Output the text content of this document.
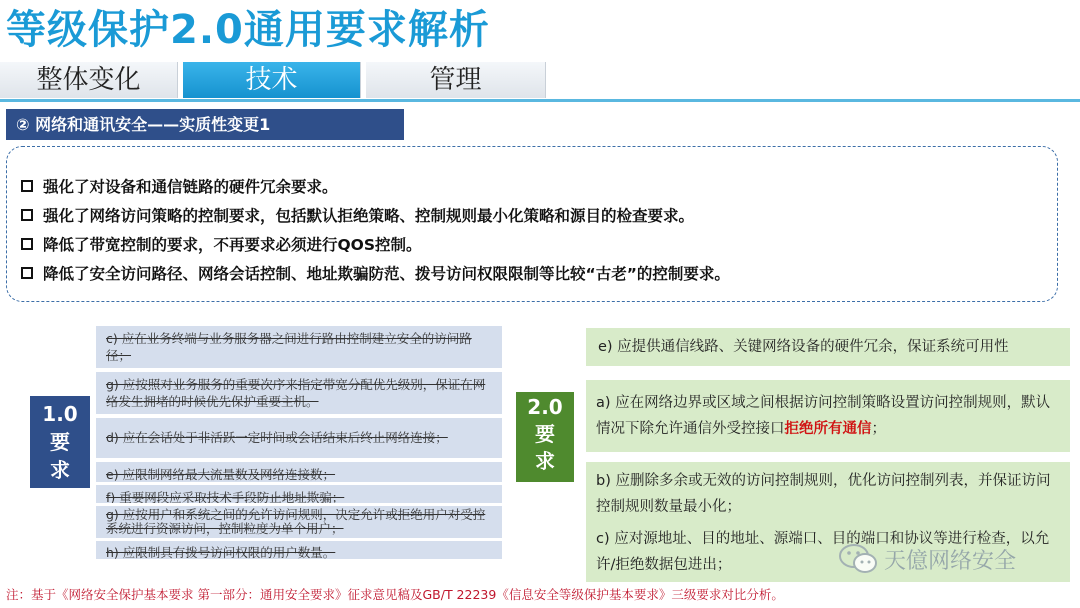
等级保护2.0通用要求解析
整体变化	技术	管理
② 网络和通讯安全——实质性变更1
强化了对设备和通信链路的硬件冗余要求。
强化了网络访问策略的控制要求，包括默认拒绝策略、控制规则最小化策略和源目的检查要求。
降低了带宽控制的要求，不再要求必须进行QOS控制。
降低了安全访问路径、网络会话控制、地址欺骗防范、拨号访问权限限制等比较“古老”的控制要求。
1.0
要
求
c) 应在业务终端与业务服务器之间进行路由控制建立安全的访问路径；
g) 应按照对业务服务的重要次序来指定带宽分配优先级别，保证在网络发生拥堵的时候优先保护重要主机。
d) 应在会话处于非活跃一定时间或会话结束后终止网络连接；
e) 应限制网络最大流量数及网络连接数；
f) 重要网段应采取技术手段防止地址欺骗；
g) 应按用户和系统之间的允许访问规则，决定允许或拒绝用户对受控系统进行资源访问，控制粒度为单个用户；
h) 应限制具有拨号访问权限的用户数量。
2.0
要
求
e) 应提供通信线路、关键网络设备的硬件冗余，保证系统可用性
a) 应在网络边界或区域之间根据访问控制策略设置访问控制规则，默认情况下除允许通信外受控接口拒绝所有通信；
b) 应删除多余或无效的访问控制规则，优化访问控制列表，并保证访问控制规则数量最小化；
c) 应对源地址、目的地址、源端口、目的端口和协议等进行检查，以允许/拒绝数据包进出；	天億网络安全
注：基于《网络安全保护基本要求 第一部分：通用安全要求》征求意见稿及GB/T 22239《信息安全等级保护基本要求》三级要求对比分析。
